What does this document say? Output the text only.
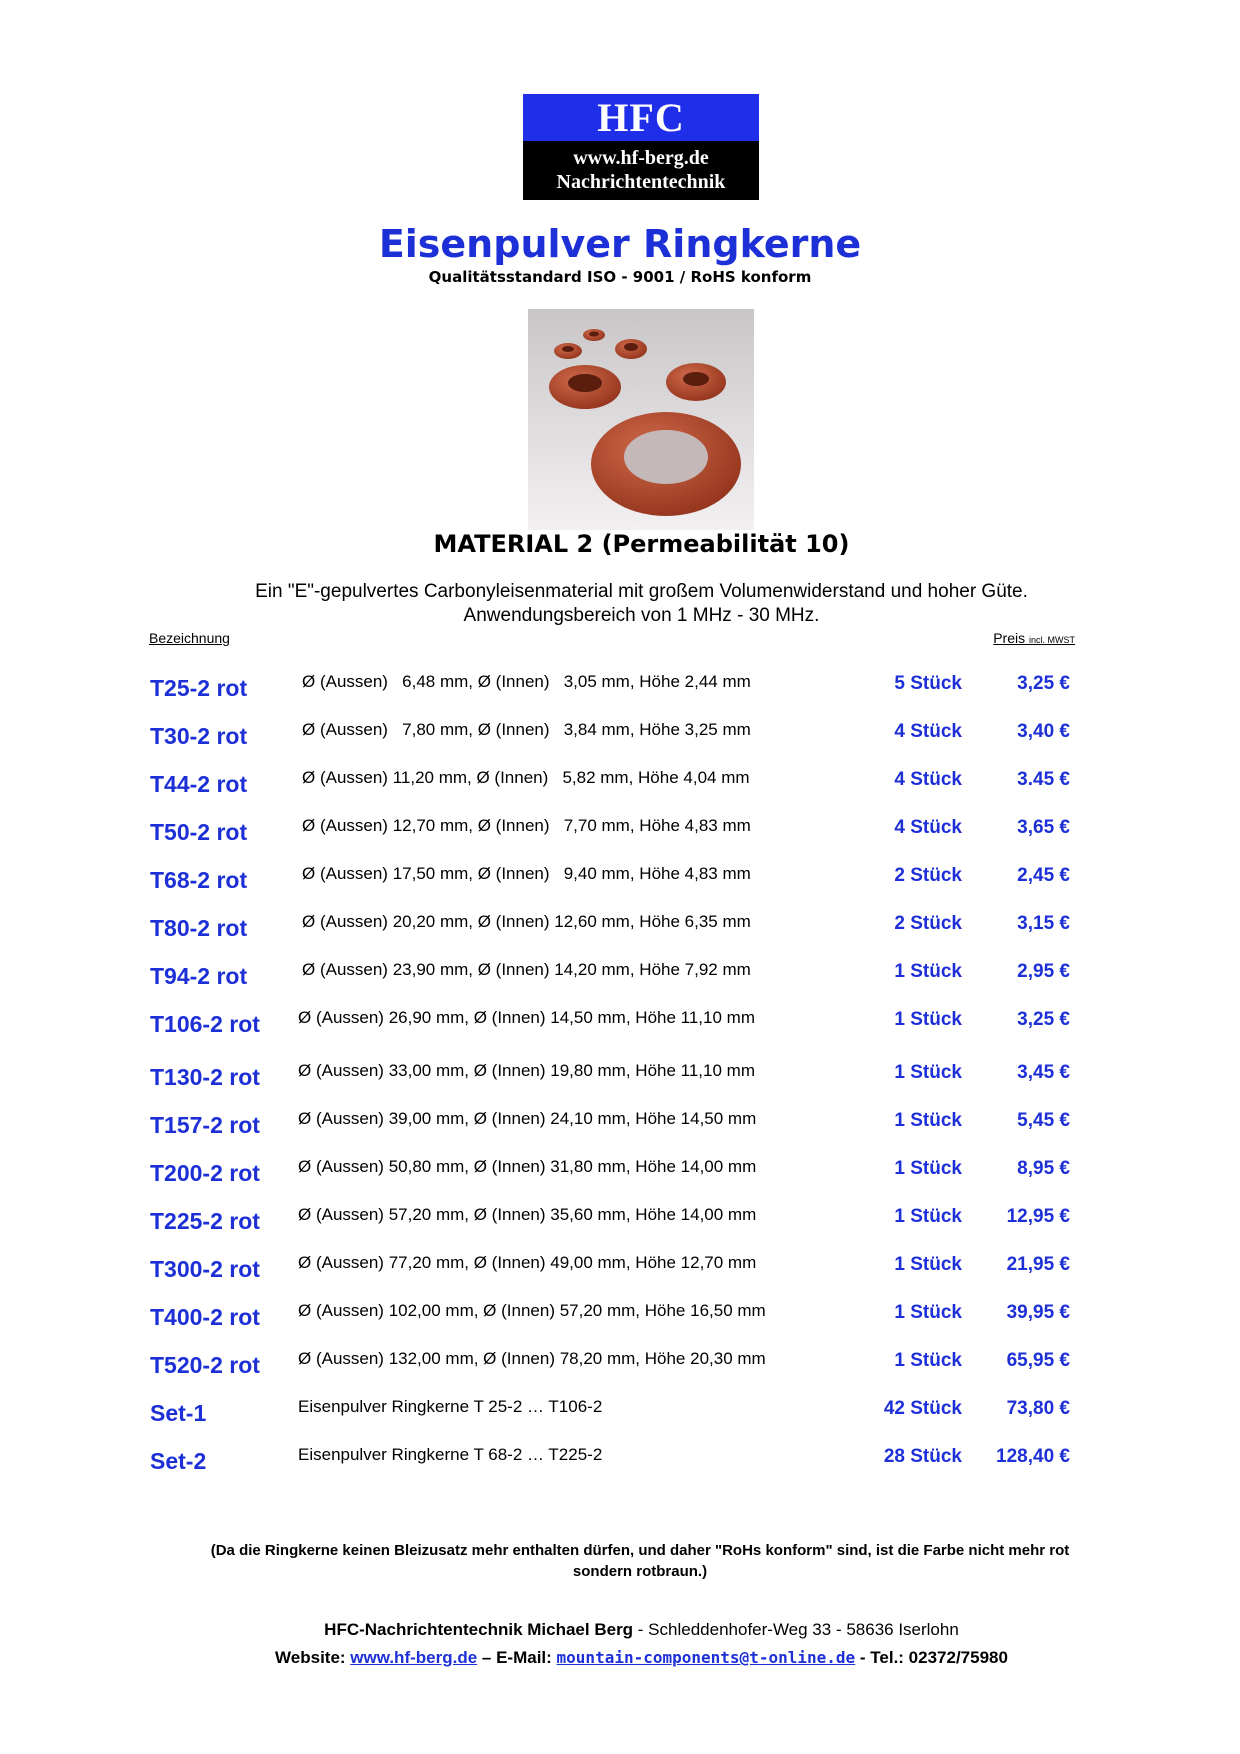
HFC
www.hf-berg.de
Nachrichtentechnik
Eisenpulver Ringkerne
Qualitätsstandard ISO - 9001 / RoHS konform
MATERIAL 2 (Permeabilität 10)
Ein "E"-gepulvertes Carbonyleisenmaterial mit großem Volumenwiderstand und hoher Güte.
Anwendungsbereich von 1 MHz - 30 MHz.
Bezeichnung	Preis incl. MWST
T25-2 rot	Ø (Aussen)   6,48 mm, Ø (Innen)   3,05 mm, Höhe 2,44 mm	5 Stück	3,25 €
T30-2 rot	Ø (Aussen)   7,80 mm, Ø (Innen)   3,84 mm, Höhe 3,25 mm	4 Stück	3,40 €
T44-2 rot	Ø (Aussen) 11,20 mm, Ø (Innen)   5,82 mm, Höhe 4,04 mm	4 Stück	3.45 €
T50-2 rot	Ø (Aussen) 12,70 mm, Ø (Innen)   7,70 mm, Höhe 4,83 mm	4 Stück	3,65 €
T68-2 rot	Ø (Aussen) 17,50 mm, Ø (Innen)   9,40 mm, Höhe 4,83 mm	2 Stück	2,45 €
T80-2 rot	Ø (Aussen) 20,20 mm, Ø (Innen) 12,60 mm, Höhe 6,35 mm	2 Stück	3,15 €
T94-2 rot	Ø (Aussen) 23,90 mm, Ø (Innen) 14,20 mm, Höhe 7,92 mm	1 Stück	2,95 €
T106-2 rot Ø (Aussen) 26,90 mm, Ø (Innen) 14,50 mm, Höhe 11,10 mm	1 Stück	3,25 €
T130-2 rot Ø (Aussen) 33,00 mm, Ø (Innen) 19,80 mm, Höhe 11,10 mm	1 Stück	3,45 €
T157-2 rot Ø (Aussen) 39,00 mm, Ø (Innen) 24,10 mm, Höhe 14,50 mm	1 Stück	5,45 €
T200-2 rot Ø (Aussen) 50,80 mm, Ø (Innen) 31,80 mm, Höhe 14,00 mm	1 Stück	8,95 €
T225-2 rot Ø (Aussen) 57,20 mm, Ø (Innen) 35,60 mm, Höhe 14,00 mm	1 Stück 12,95 €
T300-2 rot Ø (Aussen) 77,20 mm, Ø (Innen) 49,00 mm, Höhe 12,70 mm	1 Stück 21,95 €
T400-2 rot Ø (Aussen) 102,00 mm, Ø (Innen) 57,20 mm, Höhe 16,50 mm	1 Stück 39,95 €
T520-2 rot Ø (Aussen) 132,00 mm, Ø (Innen) 78,20 mm, Höhe 20,30 mm	1 Stück 65,95 €
Set-1	Eisenpulver Ringkerne T 25-2 … T106-2	42 Stück 73,80 €
Set-2	Eisenpulver Ringkerne T 68-2 … T225-2	28 Stück 128,40 €
(Da die Ringkerne keinen Bleizusatz mehr enthalten dürfen, und daher "RoHs konform" sind, ist die Farbe nicht mehr rot
sondern rotbraun.)
HFC-Nachrichtentechnik Michael Berg - Schleddenhofer-Weg 33 - 58636 Iserlohn
Website: www.hf-berg.de – E-Mail: mountain-components@t-online.de - Tel.: 02372/75980
